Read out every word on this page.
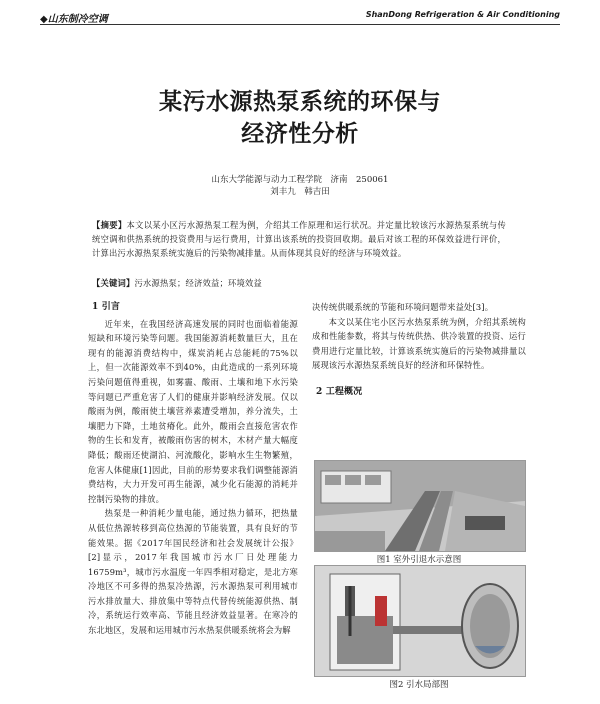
◆山东制冷空调	ShanDong Refrigeration & Air Conditioning
某污水源热泵系统的环保与
经济性分析
山东大学能源与动力工程学院　济南　250061
刘丰九　韩吉田
【摘要】本文以某小区污水源热泵工程为例，介绍其工作原理和运行状况。并定量比较该污水源热泵系统与传统空调和供热系统的投资费用与运行费用，计算出该系统的投资回收期。最后对该工程的环保效益进行评价，计算出污水源热泵系统实施后的污染物减排量。从而体现其良好的经济与环境效益。
【关键词】污水源热泵；经济效益；环境效益
1 引言

近年来，在我国经济高速发展的同时也面临着能源短缺和环境污染等问题。我国能源消耗数量巨大，且在现有的能源消费结构中，煤炭消耗占总能耗的75%以上，但一次能源效率不到40%，由此造成的一系列环境污染问题值得重视，如雾霾、酸雨、土壤和地下水污染等问题已严重危害了人们的健康并影响经济发展。仅以酸雨为例，酸雨使土壤营养素遭受增加，养分流失，土壤肥力下降，土地贫瘠化。此外，酸雨会直接危害农作物的生长和发育，被酸雨伤害的树木，木材产量大幅度降低；酸雨还使湖泊、河流酸化，影响水生生物繁殖，危害人体健康[1]因此，目前的形势要求我们调整能源消费结构，大力开发可再生能源，减少化石能源的消耗并控制污染物的排放。

热泵是一种消耗少量电能，通过热力循环，把热量从低位热源转移到高位热源的节能装置，具有良好的节能效果。据《2017年国民经济和社会发展统计公报》[2]显示，2017年我国城市污水厂日处理能力16759m³，城市污水温度一年四季相对稳定，是北方寒冷地区不可多得的热泵冷热源，污水源热泵可利用城市污水排放量大、排放集中等特点代替传统能源供热、制冷，系统运行效率高、节能且经济效益显著。在寒冷的东北地区，发展和运用城市污水热泵供暖系统将会为解

决传统供暖系统的节能和环境问题带来益处[3]。

本文以某住宅小区污水热泵系统为例，介绍其系统构成和性能参数，将其与传统供热、供冷装置的投资、运行费用进行定量比较，计算该系统实施后的污染物减排量以展现该污水源热泵系统良好的经济和环保特性。

2 工程概况
图1 室外引退水示意图
图2 引水局部图
